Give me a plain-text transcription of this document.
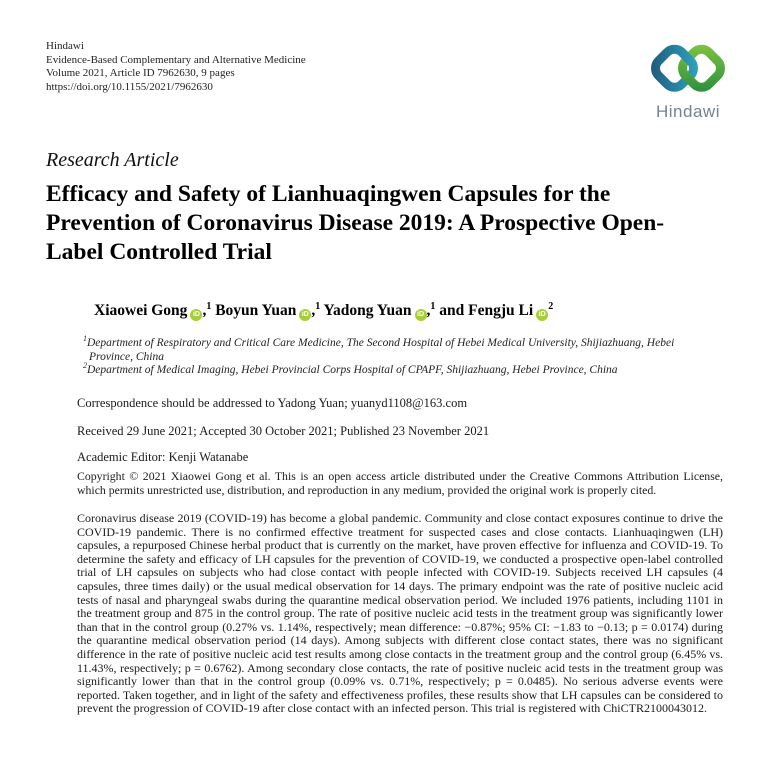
Hindawi
Evidence-Based Complementary and Alternative Medicine
Volume 2021, Article ID 7962630, 9 pages
https://doi.org/10.1155/2021/7962630
Hindawi
Research Article
Efficacy and Safety of Lianhuaqingwen Capsules for the Prevention of Coronavirus Disease 2019: A Prospective Open-Label Controlled Trial
Xiaowei Gong iD ,$^1$ Boyun Yuan iD ,$^1$ Yadong Yuan iD ,$^1$ and Fengju Li $iD^2$
$^1$Department of Respiratory and Critical Care Medicine, The Second Hospital of Hebei Medical University, Shijiazhuang, Hebei Province, China
$^2$Department of Medical Imaging, Hebei Provincial Corps Hospital of CPAPF, Shijiazhuang, Hebei Province, China
Correspondence should be addressed to Yadong Yuan; yuanyd1108@163.com
Received 29 June 2021; Accepted 30 October 2021; Published 23 November 2021
Academic Editor: Kenji Watanabe
Copyright © 2021 Xiaowei Gong et al. This is an open access article distributed under the Creative Commons Attribution License, which permits unrestricted use, distribution, and reproduction in any medium, provided the original work is properly cited.
Coronavirus disease 2019 (COVID-19) has become a global pandemic. Community and close contact exposures continue to drive the COVID-19 pandemic. There is no confirmed effective treatment for suspected cases and close contacts. Lianhuaqingwen (LH) capsules, a repurposed Chinese herbal product that is currently on the market, have proven effective for influenza and COVID-19. To determine the safety and efficacy of LH capsules for the prevention of COVID-19, we conducted a prospective open-label controlled trial of LH capsules on subjects who had close contact with people infected with COVID-19. Subjects received LH capsules (4 capsules, three times daily) or the usual medical observation for 14 days. The primary endpoint was the rate of positive nucleic acid tests of nasal and pharyngeal swabs during the quarantine medical observation period. We included 1976 patients, including 1101 in the treatment group and 875 in the control group. The rate of positive nucleic acid tests in the treatment group was significantly lower than that in the control group (0.27% vs. 1.14%, respectively; mean difference: −0.87%; 95% CI: −1.83 to −0.13; p = 0.0174) during the quarantine medical observation period (14 days). Among subjects with different close contact states, there was no significant difference in the rate of positive nucleic acid test results among close contacts in the treatment group and the control group (6.45% vs. 11.43%, respectively; p = 0.6762). Among secondary close contacts, the rate of positive nucleic acid tests in the treatment group was significantly lower than that in the control group (0.09% vs. 0.71%, respectively; p = 0.0485). No serious adverse events were reported. Taken together, and in light of the safety and effectiveness profiles, these results show that LH capsules can be considered to prevent the progression of COVID-19 after close contact with an infected person. This trial is registered with ChiCTR2100043012.
